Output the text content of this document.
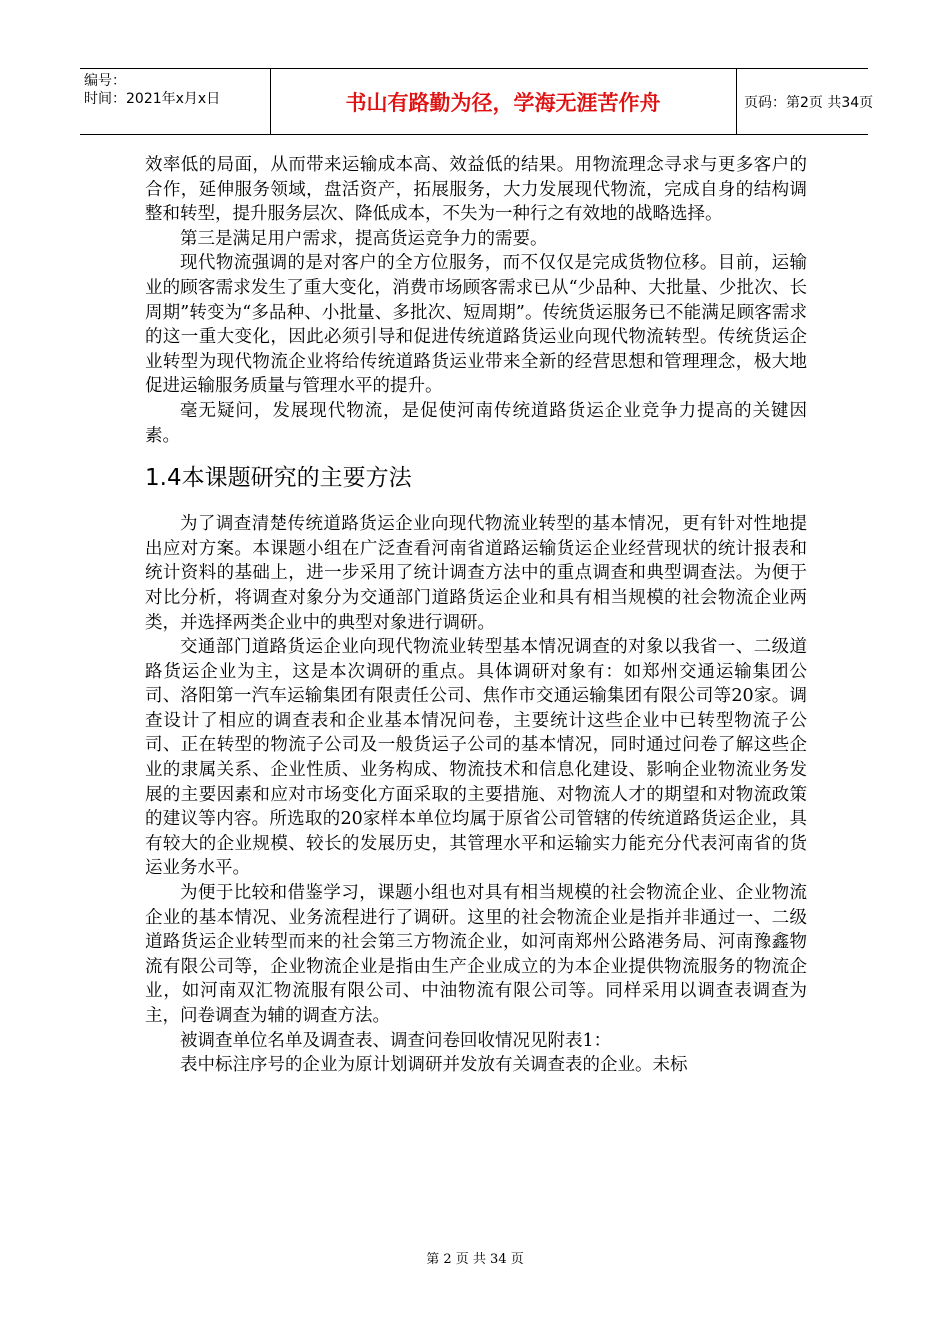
编号：
时间：2021年x月x日	书山有路勤为径，学海无涯苦作舟	页码：第2页 共34页

效率低的局面，从而带来运输成本高、效益低的结果。用物流理念寻求与更多客户的合作，延伸服务领域，盘活资产，拓展服务，大力发展现代物流，完成自身的结构调整和转型，提升服务层次、降低成本，不失为一种行之有效地的战略选择。

第三是满足用户需求，提高货运竞争力的需要。

现代物流强调的是对客户的全方位服务，而不仅仅是完成货物位移。目前，运输业的顾客需求发生了重大变化，消费市场顾客需求已从“少品种、大批量、少批次、长周期”转变为“多品种、小批量、多批次、短周期”。传统货运服务已不能满足顾客需求的这一重大变化，因此必须引导和促进传统道路货运业向现代物流转型。传统货运企业转型为现代物流企业将给传统道路货运业带来全新的经营思想和管理理念，极大地促进运输服务质量与管理水平的提升。

毫无疑问，发展现代物流，是促使河南传统道路货运企业竞争力提高的关键因素。

1.4本课题研究的主要方法

为了调查清楚传统道路货运企业向现代物流业转型的基本情况，更有针对性地提出应对方案。本课题小组在广泛查看河南省道路运输货运企业经营现状的统计报表和统计资料的基础上，进一步采用了统计调查方法中的重点调查和典型调查法。为便于对比分析，将调查对象分为交通部门道路货运企业和具有相当规模的社会物流企业两类，并选择两类企业中的典型对象进行调研。

交通部门道路货运企业向现代物流业转型基本情况调查的对象以我省一、二级道路货运企业为主，这是本次调研的重点。具体调研对象有：如郑州交通运输集团公司、洛阳第一汽车运输集团有限责任公司、焦作市交通运输集团有限公司等20家。调查设计了相应的调查表和企业基本情况问卷，主要统计这些企业中已转型物流子公司、正在转型的物流子公司及一般货运子公司的基本情况，同时通过问卷了解这些企业的隶属关系、企业性质、业务构成、物流技术和信息化建设、影响企业物流业务发展的主要因素和应对市场变化方面采取的主要措施、对物流人才的期望和对物流政策的建议等内容。所选取的20家样本单位均属于原省公司管辖的传统道路货运企业，具有较大的企业规模、较长的发展历史，其管理水平和运输实力能充分代表河南省的货运业务水平。

为便于比较和借鉴学习，课题小组也对具有相当规模的社会物流企业、企业物流企业的基本情况、业务流程进行了调研。这里的社会物流企业是指并非通过一、二级道路货运企业转型而来的社会第三方物流企业，如河南郑州公路港务局、河南豫鑫物流有限公司等，企业物流企业是指由生产企业成立的为本企业提供物流服务的物流企业，如河南双汇物流服有限公司、中油物流有限公司等。同样采用以调查表调查为主，问卷调查为辅的调查方法。

被调查单位名单及调查表、调查问卷回收情况见附表1：

表中标注序号的企业为原计划调研并发放有关调查表的企业。未标

第 2 页 共 34 页
